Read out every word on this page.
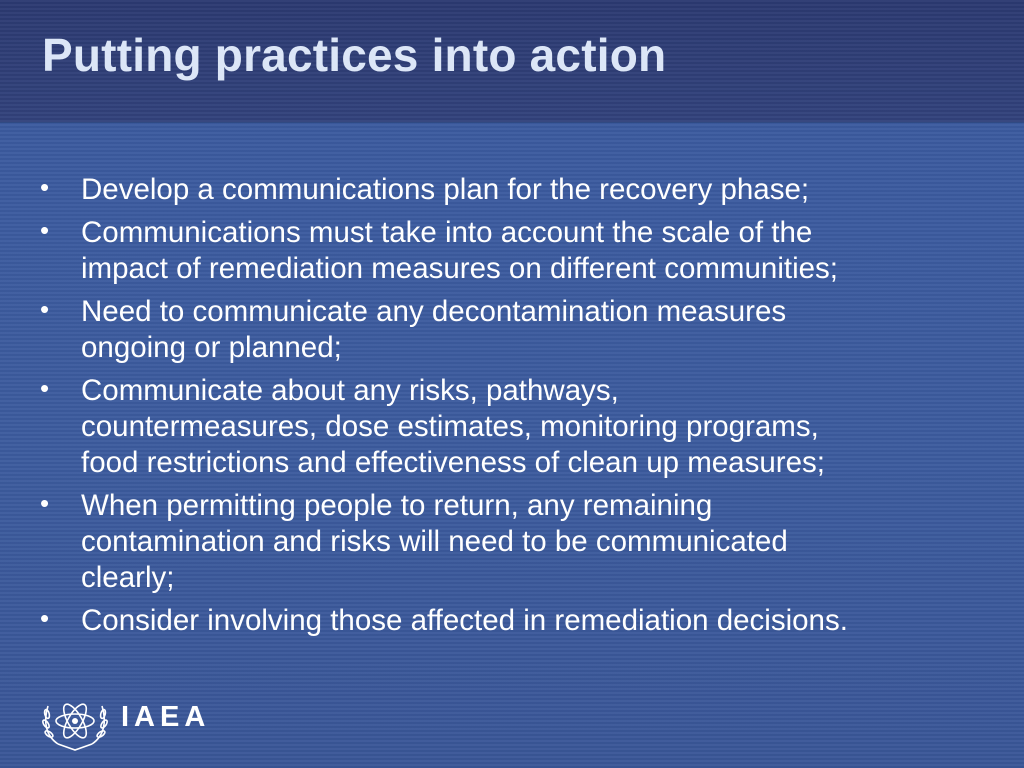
Putting practices into action
• Develop a communications plan for the recovery phase;
• Communications must take into account the scale of the
impact of remediation measures on different communities;
• Need to communicate any decontamination measures
ongoing or planned;
• Communicate about any risks, pathways,
countermeasures, dose estimates, monitoring programs,
food restrictions and effectiveness of clean up measures;
• When permitting people to return, any remaining
contamination and risks will need to be communicated
clearly;
• Consider involving those affected in remediation decisions.
IAEA
